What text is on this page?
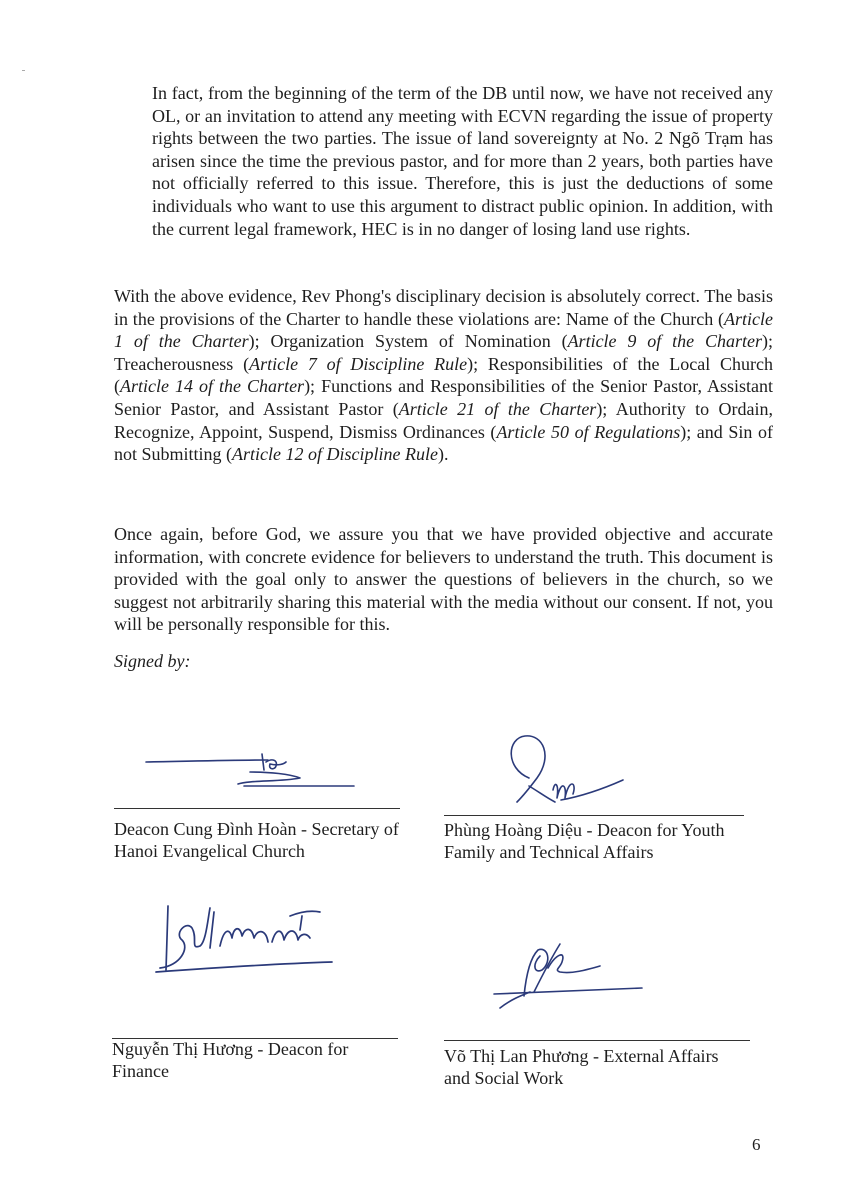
In fact, from the beginning of the term of the DB until now, we have not received any OL, or an invitation to attend any meeting with ECVN regarding the issue of property rights between the two parties. The issue of land sovereignty at No. 2 Ngõ Trạm has arisen since the time the previous pastor, and for more than 2 years, both parties have not officially referred to this issue. Therefore, this is just the deductions of some individuals who want to use this argument to distract public opinion. In addition, with the current legal framework, HEC is in no danger of losing land use rights.

With the above evidence, Rev Phong's disciplinary decision is absolutely correct. The basis in the provisions of the Charter to handle these violations are: Name of the Church (Article 1 of the Charter); Organization System of Nomination (Article 9 of the Charter); Treacherousness (Article 7 of Discipline Rule); Responsibilities of the Local Church (Article 14 of the Charter); Functions and Responsibilities of the Senior Pastor, Assistant Senior Pastor, and Assistant Pastor (Article 21 of the Charter); Authority to Ordain, Recognize, Appoint, Suspend, Dismiss Ordinances (Article 50 of Regulations); and Sin of not Submitting (Article 12 of Discipline Rule).

Once again, before God, we assure you that we have provided objective and accurate information, with concrete evidence for believers to understand the truth. This document is provided with the goal only to answer the questions of believers in the church, so we suggest not arbitrarily sharing this material with the media without our consent. If not, you will be personally responsible for this.

Signed by:

Deacon Cung Đình Hoàn - Secretary of
Hanoi Evangelical Church

Phùng Hoàng Diệu - Deacon for Youth
Family and Technical Affairs

Nguyễn Thị Hương - Deacon for
Finance

Võ Thị Lan Phương - External Affairs
and Social Work

6
